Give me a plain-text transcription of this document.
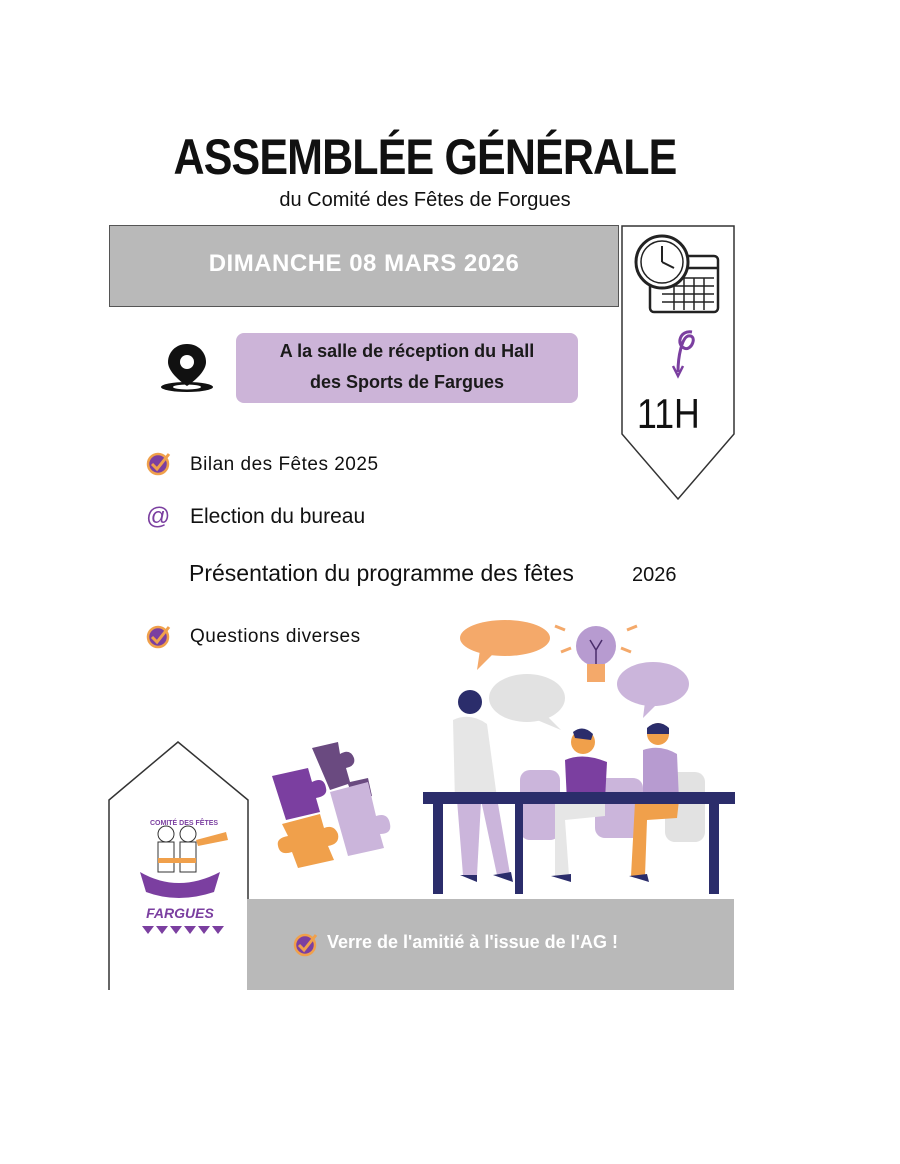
ASSEMBLÉE GÉNÉRALE
du Comité des Fêtes de Forgues
DIMANCHE 08 MARS 2026
11H
A la salle de réception du Hall
des Sports de Fargues
Bilan des Fêtes 2025
@ Election du bureau
Présentation du programme des fêtes	2026
Questions diverses
COMITÉ DES FÊTES
FARGUES
Verre de l'amitié à l'issue de l'AG !
